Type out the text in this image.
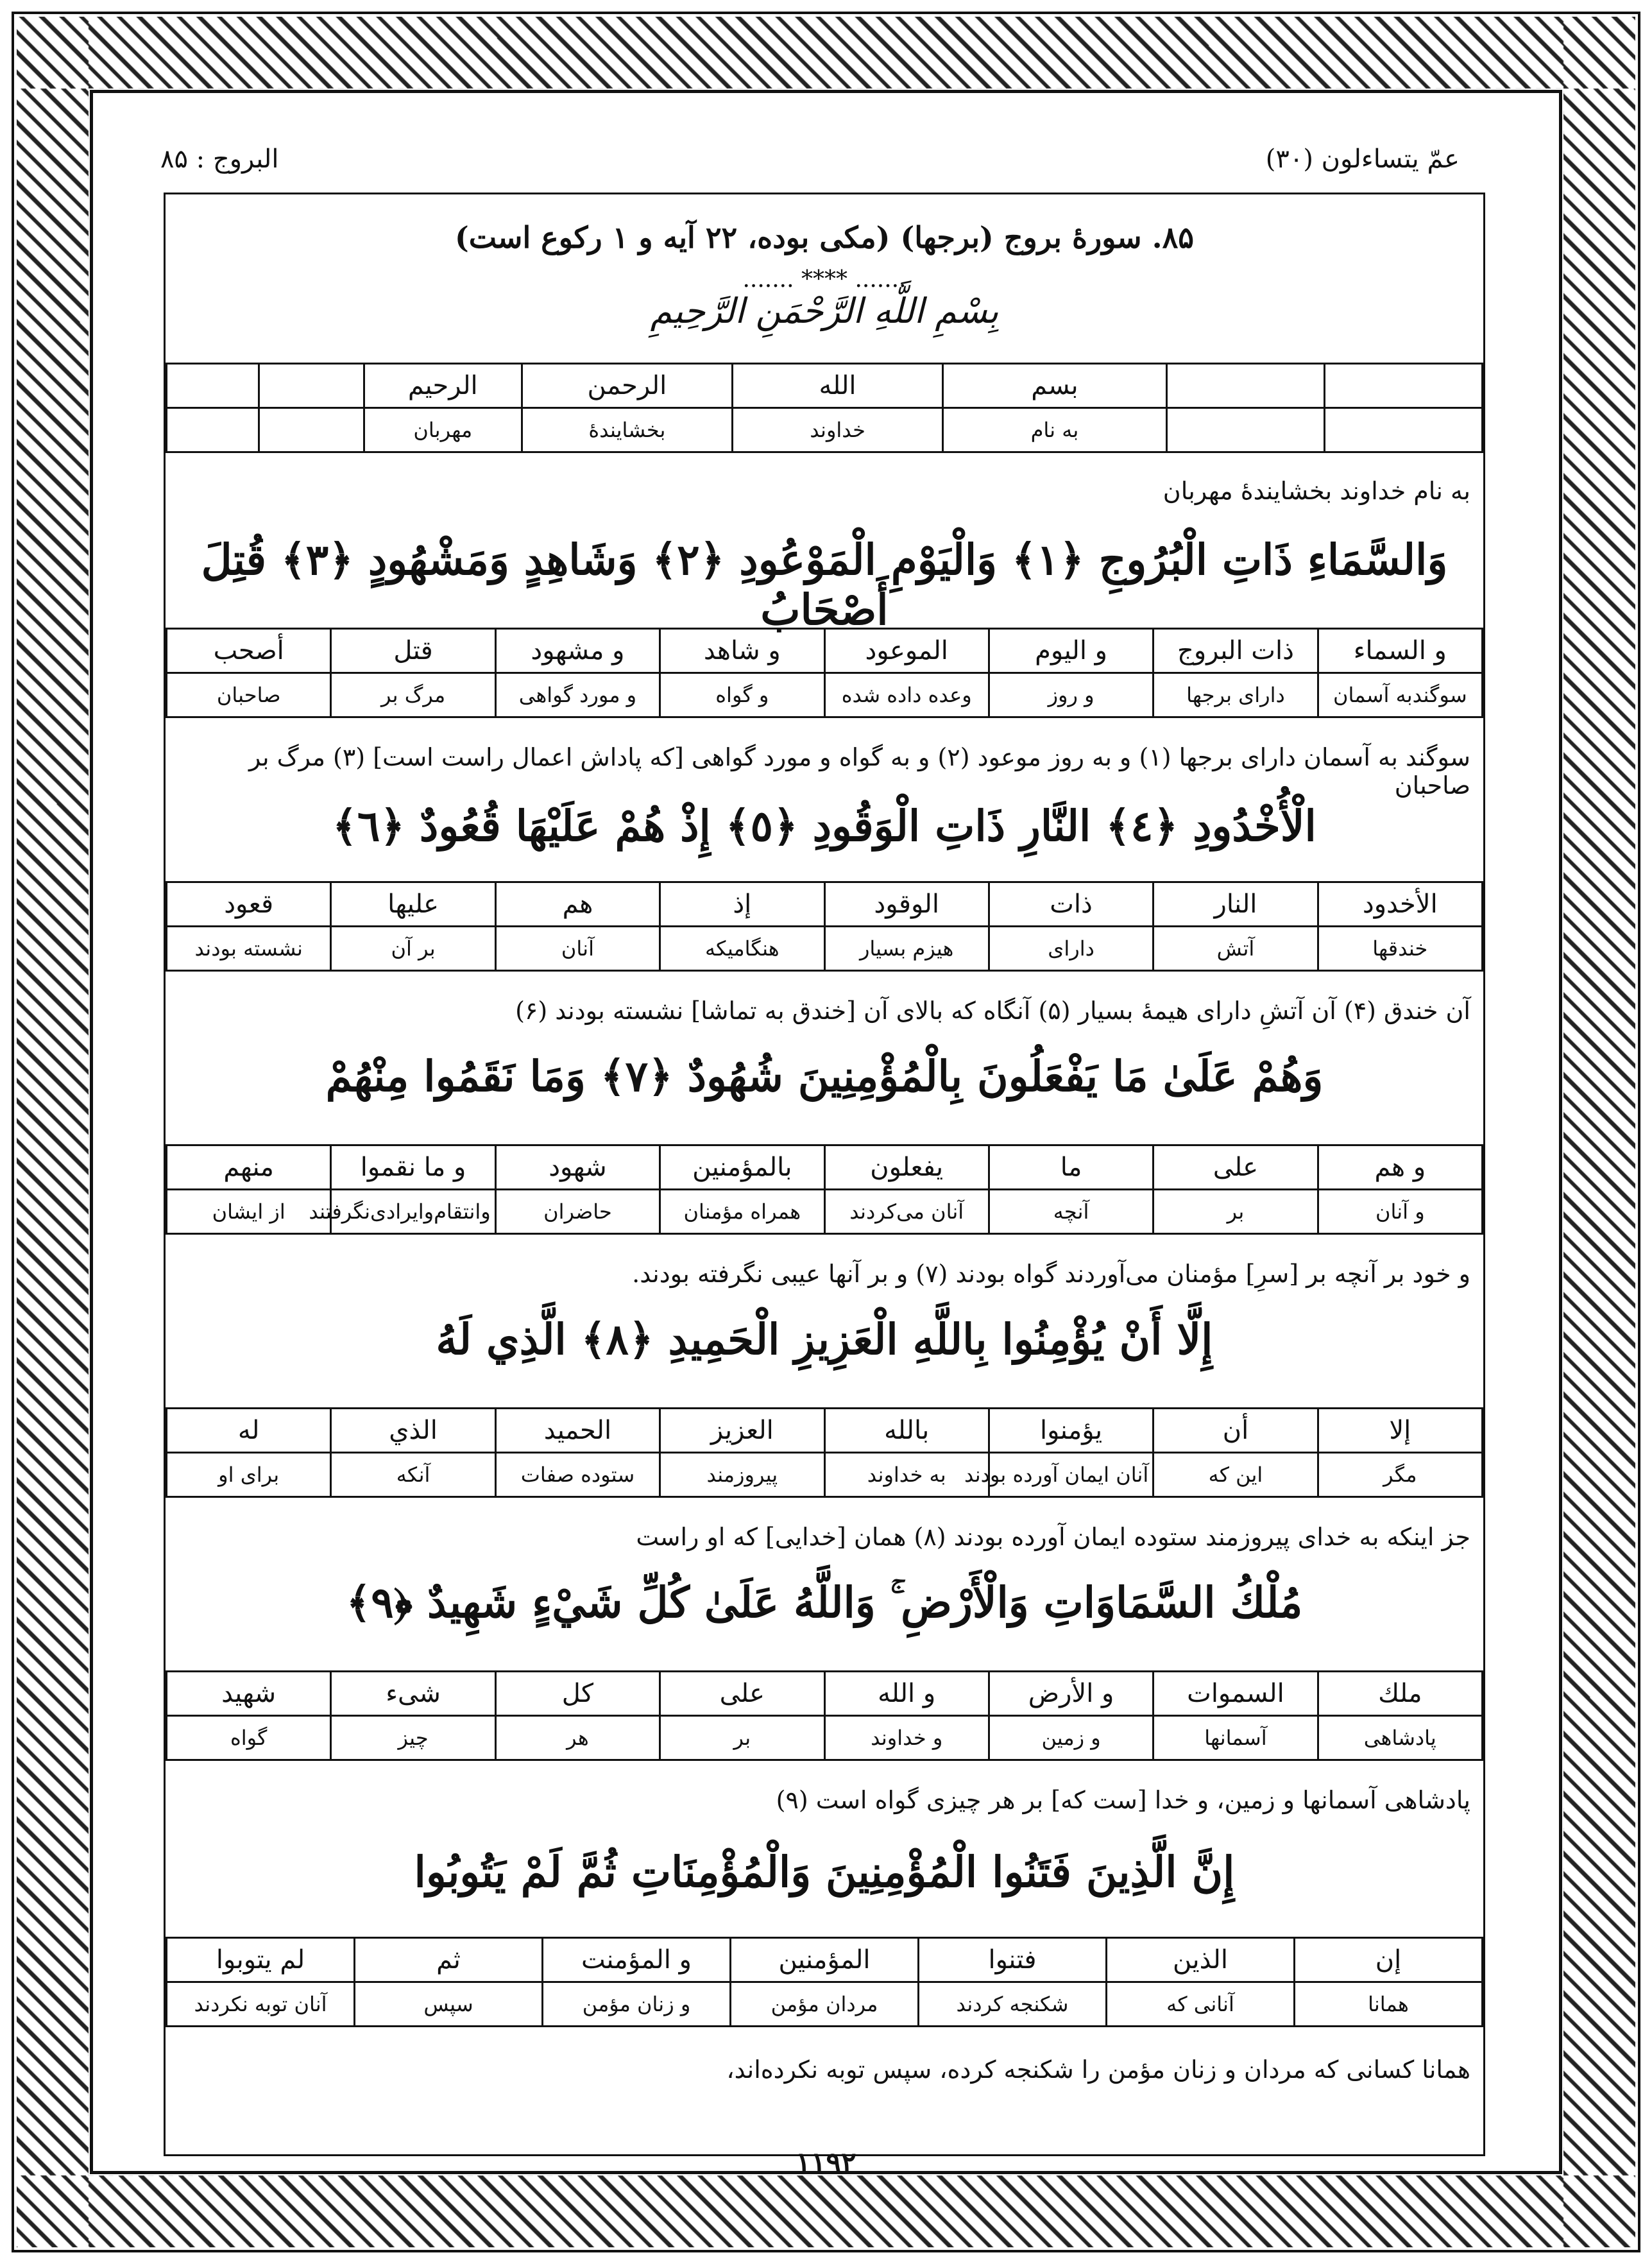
عمّ يتساءلون (۳۰)
البروج : ۸۵
۸۵. سورۀ بروج (برجها) (مکی بوده، ۲۲ آیه و ۱ رکوع است)
....... **** .......
بِسْمِ اللَّهِ الرَّحْمَنِ الرَّحِيمِ
		بسم	الله	الرحمن	الرحيم		
		به نام	خداوند	بخشايندۀ	مهربان		
به نام خداوند بخشايندۀ مهربان
وَالسَّمَاءِ ذَاتِ الْبُرُوجِ ﴿١﴾ وَالْيَوْمِ الْمَوْعُودِ ﴿٢﴾ وَشَاهِدٍ وَمَشْهُودٍ ﴿٣﴾ قُتِلَ أَصْحَابُ
و السماء	ذات البروج	و اليوم	الموعود	و شاهد	و مشهود	قتل	أصحب
سوگندبه آسمان	دارای برجها	و روز	وعده داده شده	و گواه	و مورد گواهی	مرگ بر	صاحبان
سوگند به آسمان دارای برجها (۱) و به روز موعود (۲) و به گواه و مورد گواهی [که پاداش اعمال راست است] (۳) مرگ بر صاحبان
الْأُخْدُودِ ﴿٤﴾ النَّارِ ذَاتِ الْوَقُودِ ﴿٥﴾ إِذْ هُمْ عَلَيْهَا قُعُودٌ ﴿٦﴾
الأخدود	النار	ذات	الوقود	إذ	هم	عليها	قعود
خندقها	آتش	دارای	هيزم بسيار	هنگاميكه	آنان	بر آن	نشسته بودند
آن خندق (۴) آن آتشِ دارای هيمۀ بسيار (۵) آنگاه که بالای آن [خندق به تماشا] نشسته بودند (۶)
وَهُمْ عَلَىٰ مَا يَفْعَلُونَ بِالْمُؤْمِنِينَ شُهُودٌ ﴿٧﴾ وَمَا نَقَمُوا مِنْهُمْ
و هم	على	ما	يفعلون	بالمؤمنين	شهود	و ما نقموا	منهم
و آنان	بر	آنچه	آنان می‌کردند	همراه مؤمنان	حاضران	وانتقام‌وايرادی‌نگرفتند	از ايشان
و خود بر آنچه بر [سرِ] مؤمنان می‌آوردند گواه بودند (۷) و بر آنها عيبی نگرفته بودند.
إِلَّا أَنْ يُؤْمِنُوا بِاللَّهِ الْعَزِيزِ الْحَمِيدِ ﴿٨﴾ الَّذِي لَهُ
إلا	أن	يؤمنوا	بالله	العزيز	الحميد	الذي	له
مگر	اين که	آنان ايمان آورده بودند	به خداوند	پيروزمند	ستوده صفات	آنكه	برای او
جز اينكه به خدای پيروزمند ستوده ايمان آورده بودند (۸) همان [خدايی] كه او راست
مُلْكُ السَّمَاوَاتِ وَالْأَرْضِ ۚ وَاللَّهُ عَلَىٰ كُلِّ شَيْءٍ شَهِيدٌ ﴿٩﴾
ملك	السموات	و الأرض	و الله	على	كل	شىء	شهيد
پادشاهی	آسمانها	و زمين	و خداوند	بر	هر	چيز	گواه
پادشاهی آسمانها و زمين، و خدا [ست كه] بر هر چيزی گواه است (۹)
إِنَّ الَّذِينَ فَتَنُوا الْمُؤْمِنِينَ وَالْمُؤْمِنَاتِ ثُمَّ لَمْ يَتُوبُوا
إن	الذين	فتنوا	المؤمنين	و المؤمنت	ثم	لم يتوبوا
همانا	آنانی كه	شكنجه كردند	مردان مؤمن	و زنان مؤمن	سپس	آنان توبه نكردند
همانا كسانی كه مردان و زنان مؤمن را شكنجه كرده، سپس توبه نكرده‌اند،
۱۱۹۲
